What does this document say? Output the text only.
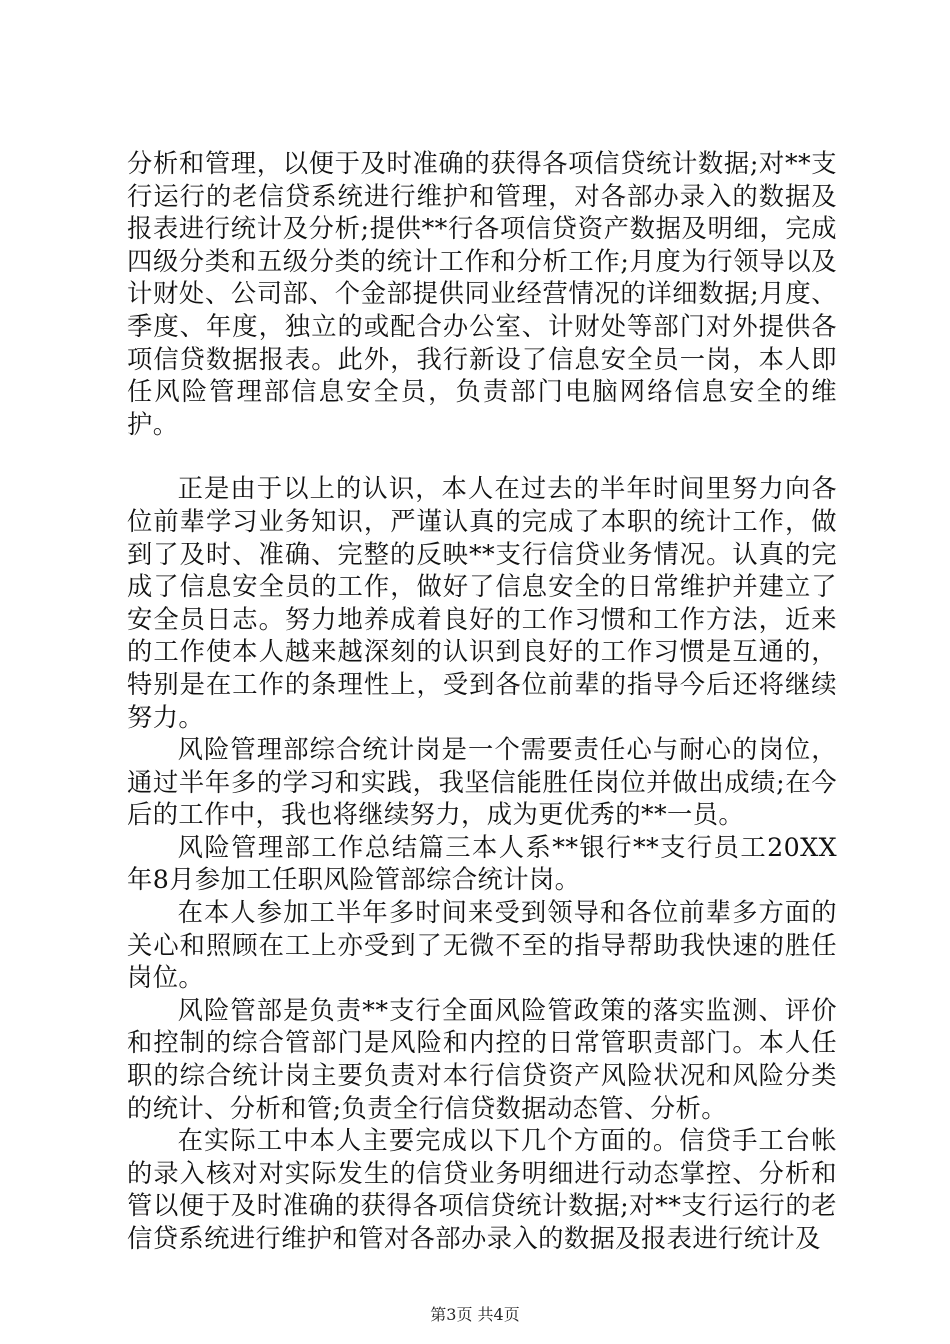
分析和管理，以便于及时准确的获得各项信贷统计数据;对**支行运行的老信贷系统进行维护和管理，对各部办录入的数据及报表进行统计及分析;提供**行各项信贷资产数据及明细，完成四级分类和五级分类的统计工作和分析工作;月度为行领导以及计财处、公司部、个金部提供同业经营情况的详细数据;月度、季度、年度，独立的或配合办公室、计财处等部门对外提供各项信贷数据报表。此外，我行新设了信息安全员一岗，本人即任风险管理部信息安全员，负责部门电脑网络信息安全的维护。

正是由于以上的认识，本人在过去的半年时间里努力向各位前辈学习业务知识，严谨认真的完成了本职的统计工作，做到了及时、准确、完整的反映**支行信贷业务情况。认真的完成了信息安全员的工作，做好了信息安全的日常维护并建立了安全员日志。努力地养成着良好的工作习惯和工作方法，近来的工作使本人越来越深刻的认识到良好的工作习惯是互通的，特别是在工作的条理性上，受到各位前辈的指导今后还将继续努力。

风险管理部综合统计岗是一个需要责任心与耐心的岗位，通过半年多的学习和实践，我坚信能胜任岗位并做出成绩;在今后的工作中，我也将继续努力，成为更优秀的**一员。

风险管理部工作总结篇三本人系**银行**支行员工20XX年8月参加工任职风险管部综合统计岗。

在本人参加工半年多时间来受到领导和各位前辈多方面的关心和照顾在工上亦受到了无微不至的指导帮助我快速的胜任岗位。

风险管部是负责**支行全面风险管政策的落实监测、评价和控制的综合管部门是风险和内控的日常管职责部门。本人任职的综合统计岗主要负责对本行信贷资产风险状况和风险分类的统计、分析和管;负责全行信贷数据动态管、分析。

在实际工中本人主要完成以下几个方面的。信贷手工台帐的录入核对对实际发生的信贷业务明细进行动态掌控、分析和管以便于及时准确的获得各项信贷统计数据;对**支行运行的老信贷系统进行维护和管对各部办录入的数据及报表进行统计及

第3页 共4页
